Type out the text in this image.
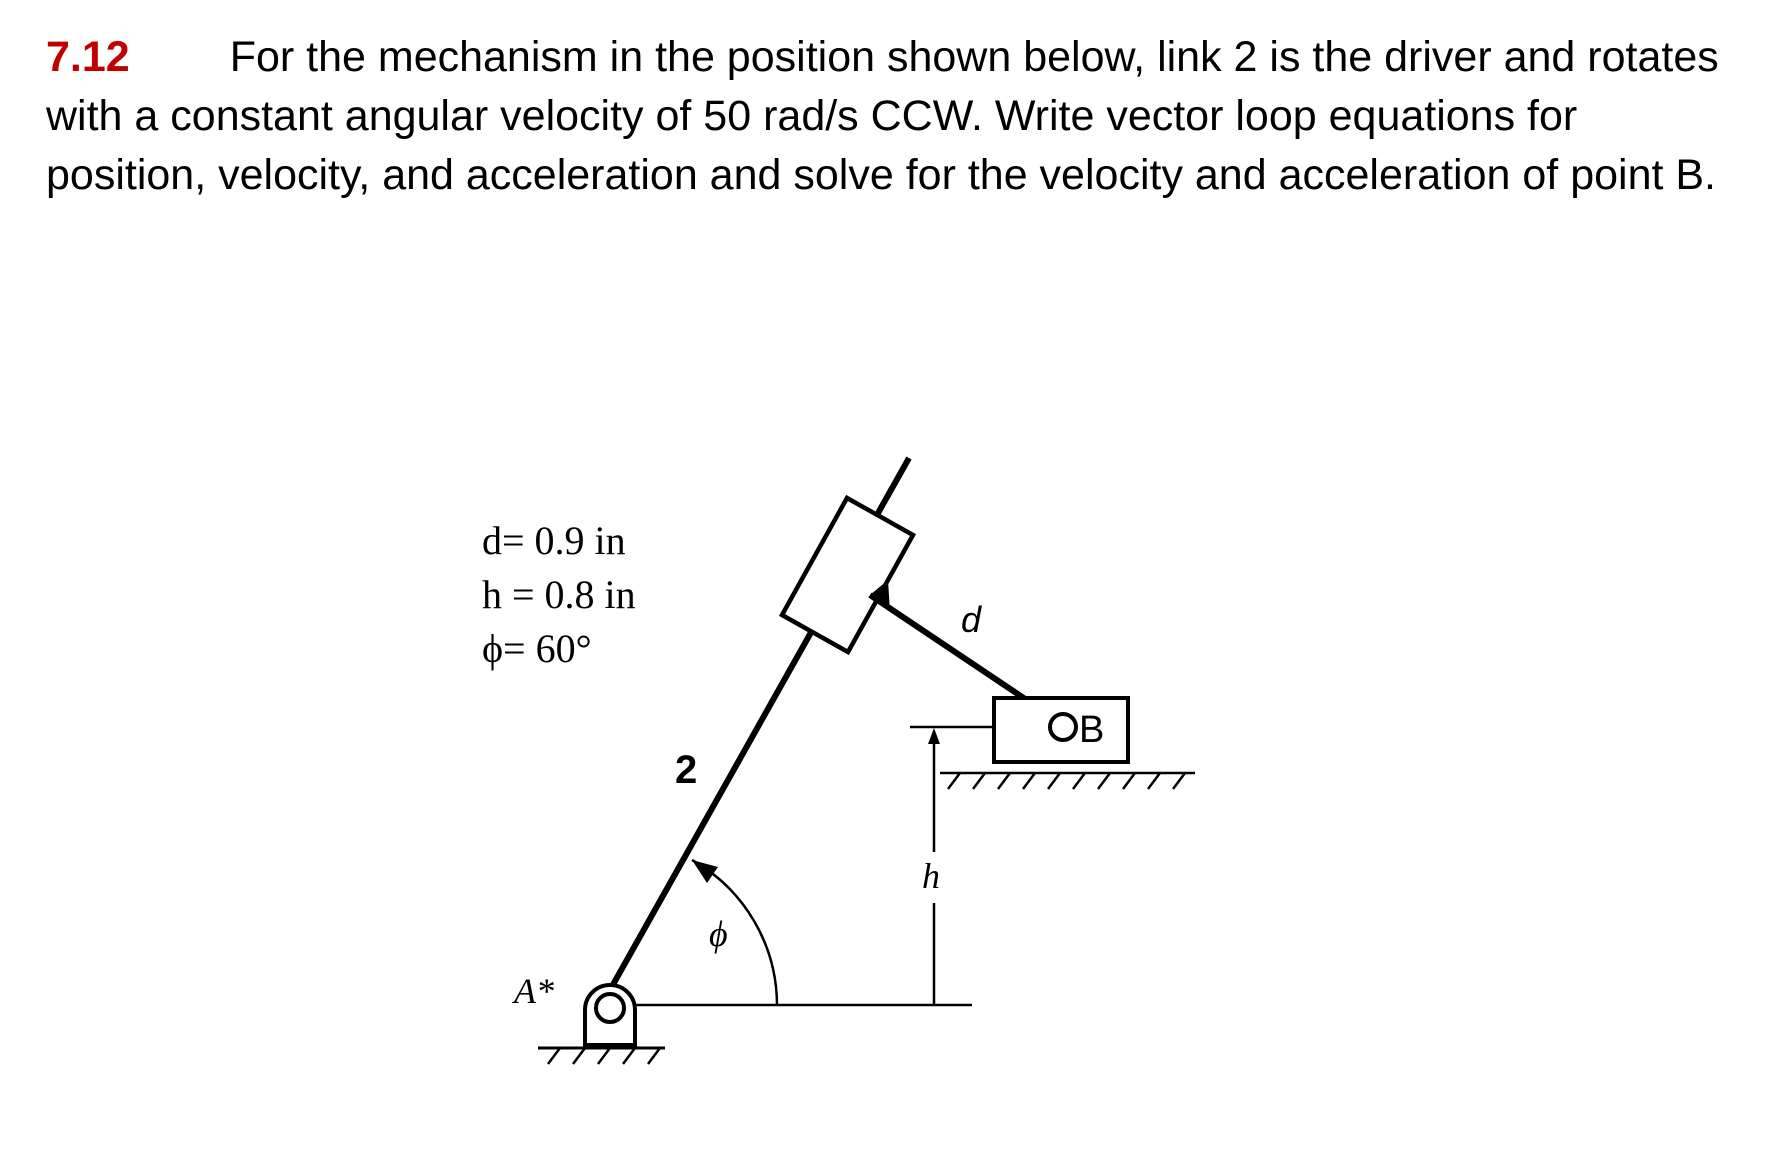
7.12 For the mechanism in the position shown below, link 2 is the driver and rotates with a constant angular velocity of 50 rad/s CCW. Write vector loop equations for position, velocity, and acceleration and solve for the velocity and acceleration of point B.
d= 0.9 in
h = 0.8 in
ϕ= 60°
B
h
ϕ
d
2
A*
